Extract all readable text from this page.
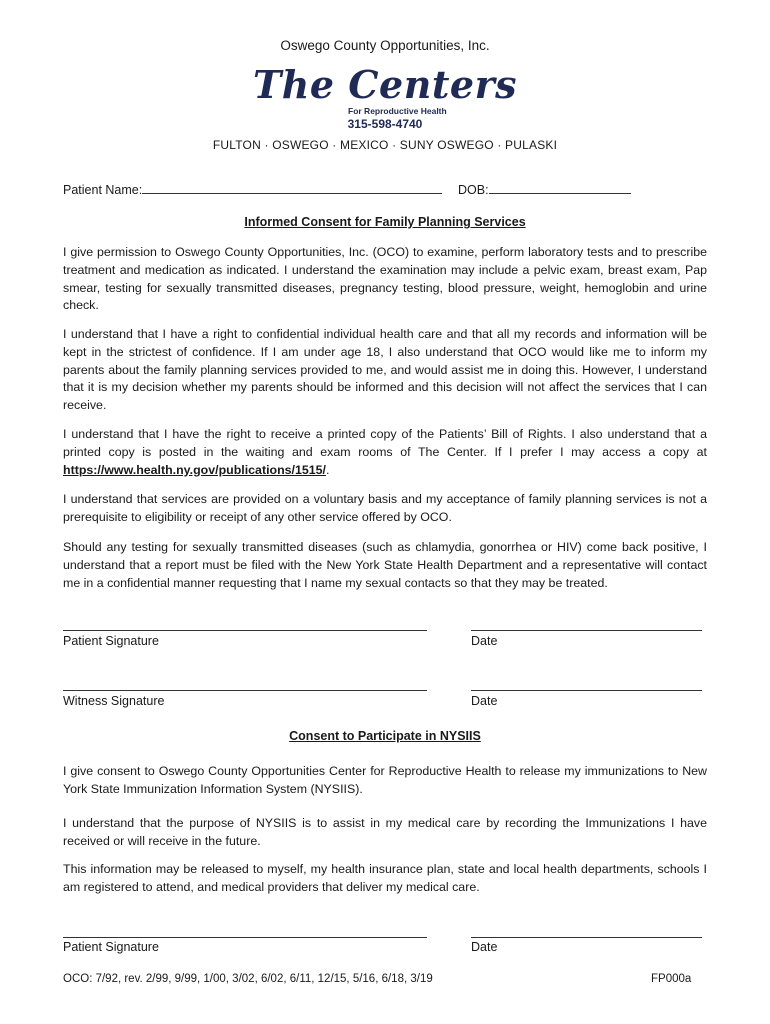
Oswego County Opportunities, Inc.
The Centers
For Reproductive Health
315-598-4740
FULTON · OSWEGO · MEXICO · SUNY OSWEGO · PULASKI
Patient Name:	DOB:
Informed Consent for Family Planning Services

I give permission to Oswego County Opportunities, Inc. (OCO) to examine, perform laboratory tests and to prescribe treatment and medication as indicated. I understand the examination may include a pelvic exam, breast exam, Pap smear, testing for sexually transmitted diseases, pregnancy testing, blood pressure, weight, hemoglobin and urine check.

I understand that I have a right to confidential individual health care and that all my records and information will be kept in the strictest of confidence. If I am under age 18, I also understand that OCO would like me to inform my parents about the family planning services provided to me, and would assist me in doing this. However, I understand that it is my decision whether my parents should be informed and this decision will not affect the services that I can receive.

I understand that I have the right to receive a printed copy of the Patients’ Bill of Rights. I also understand that a printed copy is posted in the waiting and exam rooms of The Center. If I prefer I may access a copy at https://www.health.ny.gov/publications/1515/.

I understand that services are provided on a voluntary basis and my acceptance of family planning services is not a prerequisite to eligibility or receipt of any other service offered by OCO.

Should any testing for sexually transmitted diseases (such as chlamydia, gonorrhea or HIV) come back positive, I understand that a report must be filed with the New York State Health Department and a representative will contact me in a confidential manner requesting that I name my sexual contacts so that they may be treated.

Patient Signature	Date
Witness Signature	Date
Consent to Participate in NYSIIS

I give consent to Oswego County Opportunities Center for Reproductive Health to release my immunizations to New York State Immunization Information System (NYSIIS).

I understand that the purpose of NYSIIS is to assist in my medical care by recording the Immunizations I have received or will receive in the future.

This information may be released to myself, my health insurance plan, state and local health departments, schools I am registered to attend, and medical providers that deliver my medical care.

Patient Signature	Date
OCO: 7/92, rev. 2/99, 9/99, 1/00, 3/02, 6/02, 6/11, 12/15, 5/16, 6/18, 3/19	FP000a
